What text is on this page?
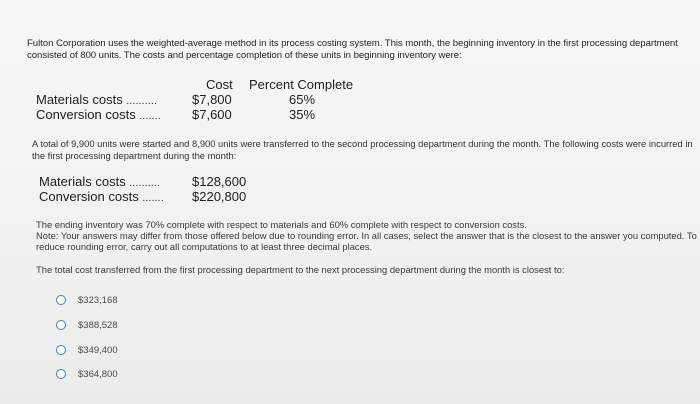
Fulton Corporation uses the weighted-average method in its process costing system. This month, the beginning inventory in the first processing department consisted of 800 units. The costs and percentage completion of these units in beginning inventory were:

Cost Percent Complete
Materials costs ..........	$7,800	65%
Conversion costs ....... $7,600	35%

A total of 9,900 units were started and 8,900 units were transferred to the second processing department during the month. The following costs were incurred in the first processing department during the month:

Materials costs .......... $128,600
Conversion costs ....... $220,800

The ending inventory was 70% complete with respect to materials and 60% complete with respect to conversion costs.

Note: Your answers may differ from those offered below due to rounding error. In all cases, select the answer that is the closest to the answer you computed. To reduce rounding error, carry out all computations to at least three decimal places.

The total cost transferred from the first processing department to the next processing department during the month is closest to:

$323,168
$388,528
$349,400
$364,800
